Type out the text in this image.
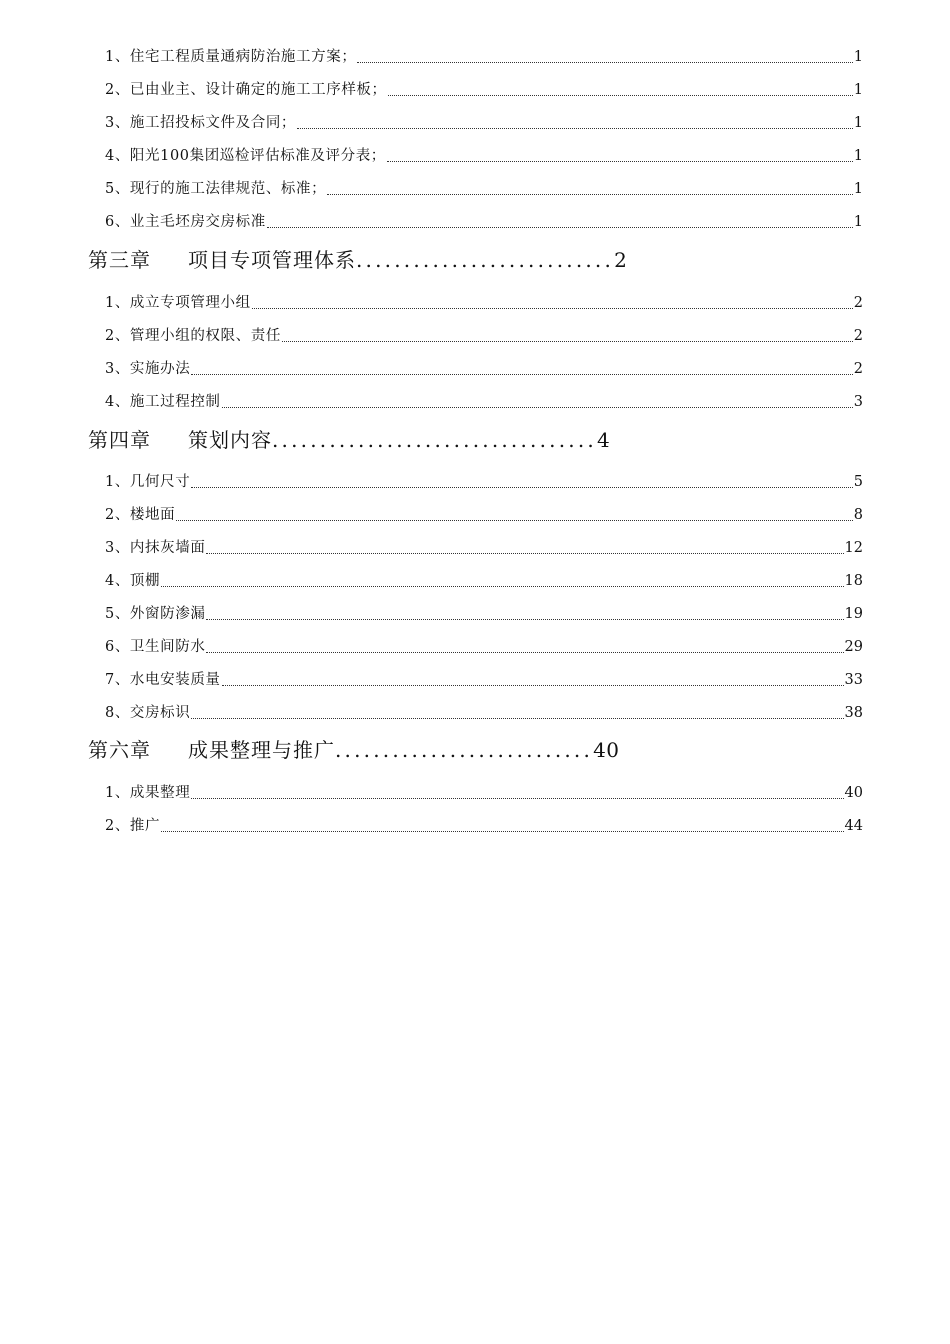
1、住宅工程质量通病防治施工方案；	1
2、已由业主、设计确定的施工工序样板；	1
3、施工招投标文件及合同；	1
4、阳光100集团巡检评估标准及评分表；	1
5、现行的施工法律规范、标准；	1
6、业主毛坯房交房标准	1
第三章	项目专项管理体系 ........................... 2
1、成立专项管理小组	2
2、管理小组的权限、责任	2
3、实施办法	2
4、施工过程控制	3
第四章	策划内容 .................................. 4
1、几何尺寸	5
2、楼地面	8
3、内抹灰墙面	12
4、顶棚	18
5、外窗防渗漏	19
6、卫生间防水	29
7、水电安装质量	33
8、交房标识	38
第六章	成果整理与推广 ........................... 40
1、成果整理	40
2、推广	44
